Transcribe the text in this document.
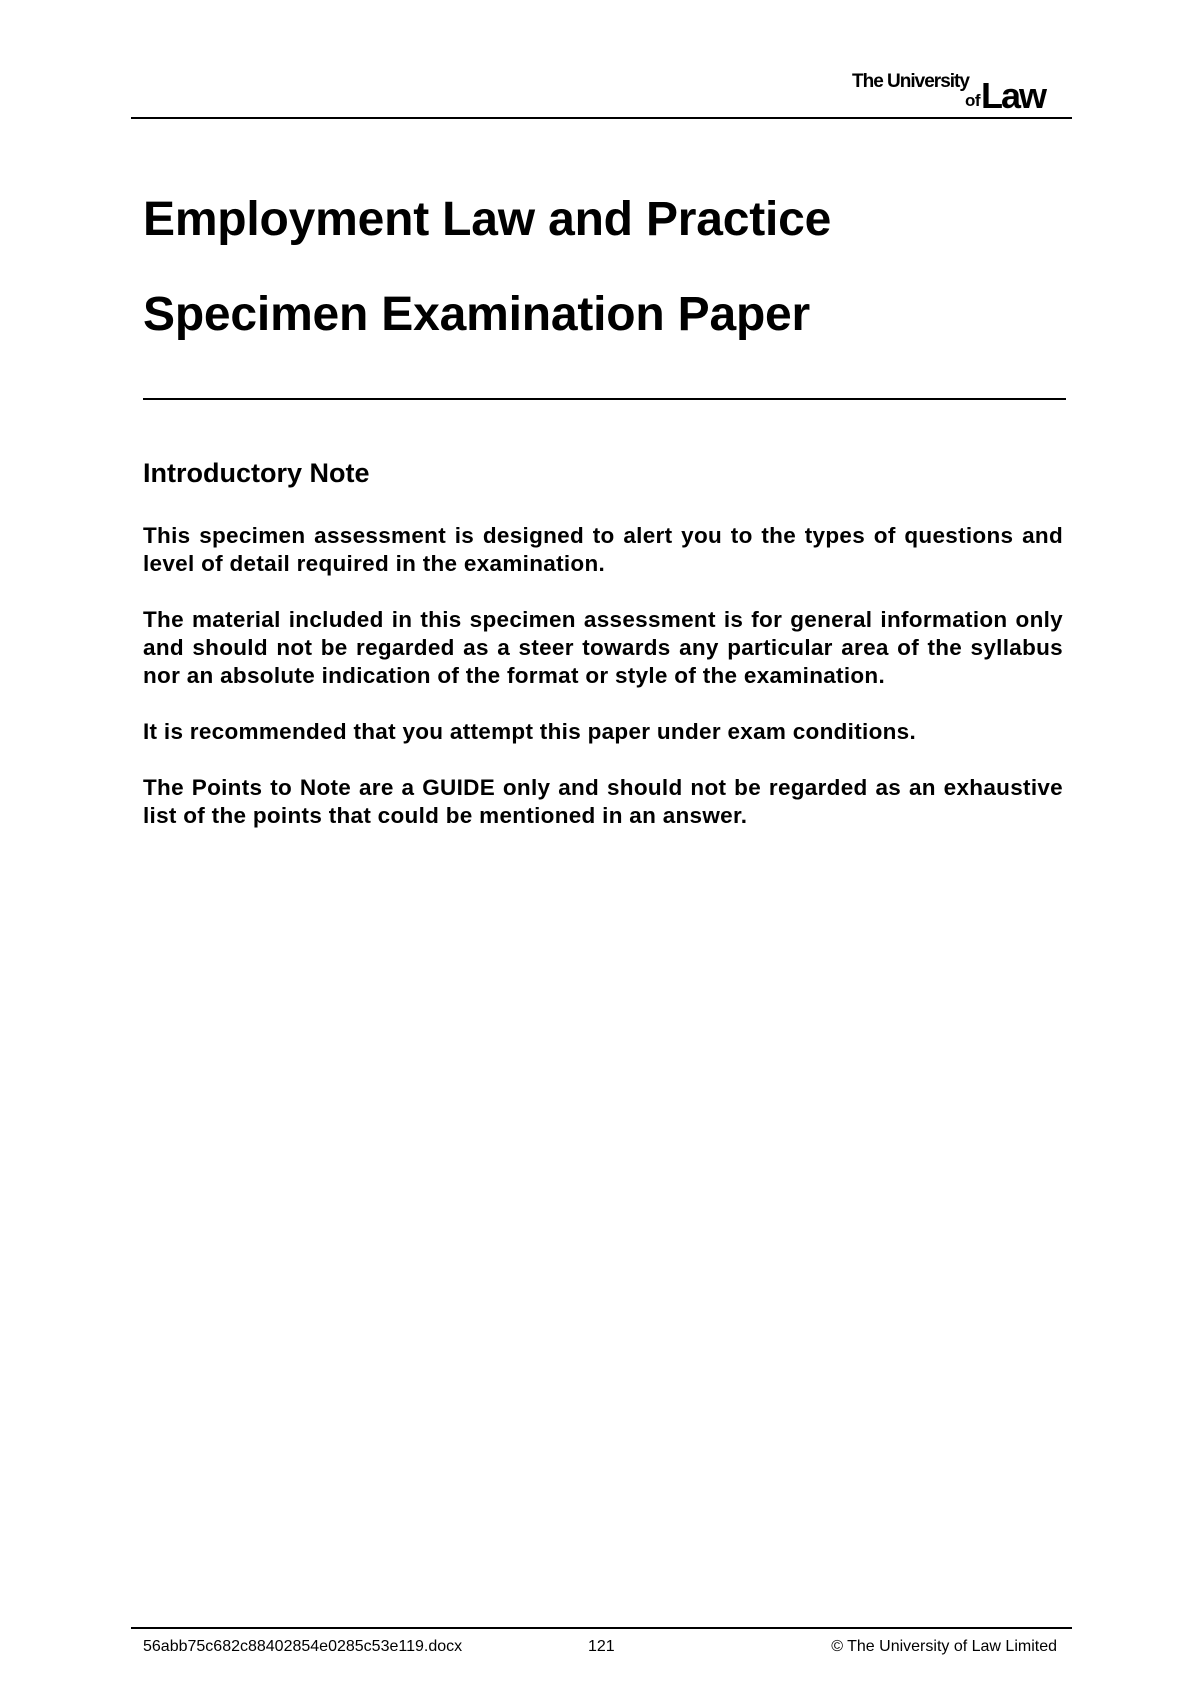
The University
of Law
Employment Law and Practice
Specimen Examination Paper
Introductory Note

This specimen assessment is designed to alert you to the types of questions and level of detail required in the examination.

The material included in this specimen assessment is for general information only and should not be regarded as a steer towards any particular area of the syllabus nor an absolute indication of the format or style of the examination.

It is recommended that you attempt this paper under exam conditions.

The Points to Note are a GUIDE only and should not be regarded as an exhaustive list of the points that could be mentioned in an answer.

56abb75c682c88402854e0285c53e119.docx	121	© The University of Law Limited
